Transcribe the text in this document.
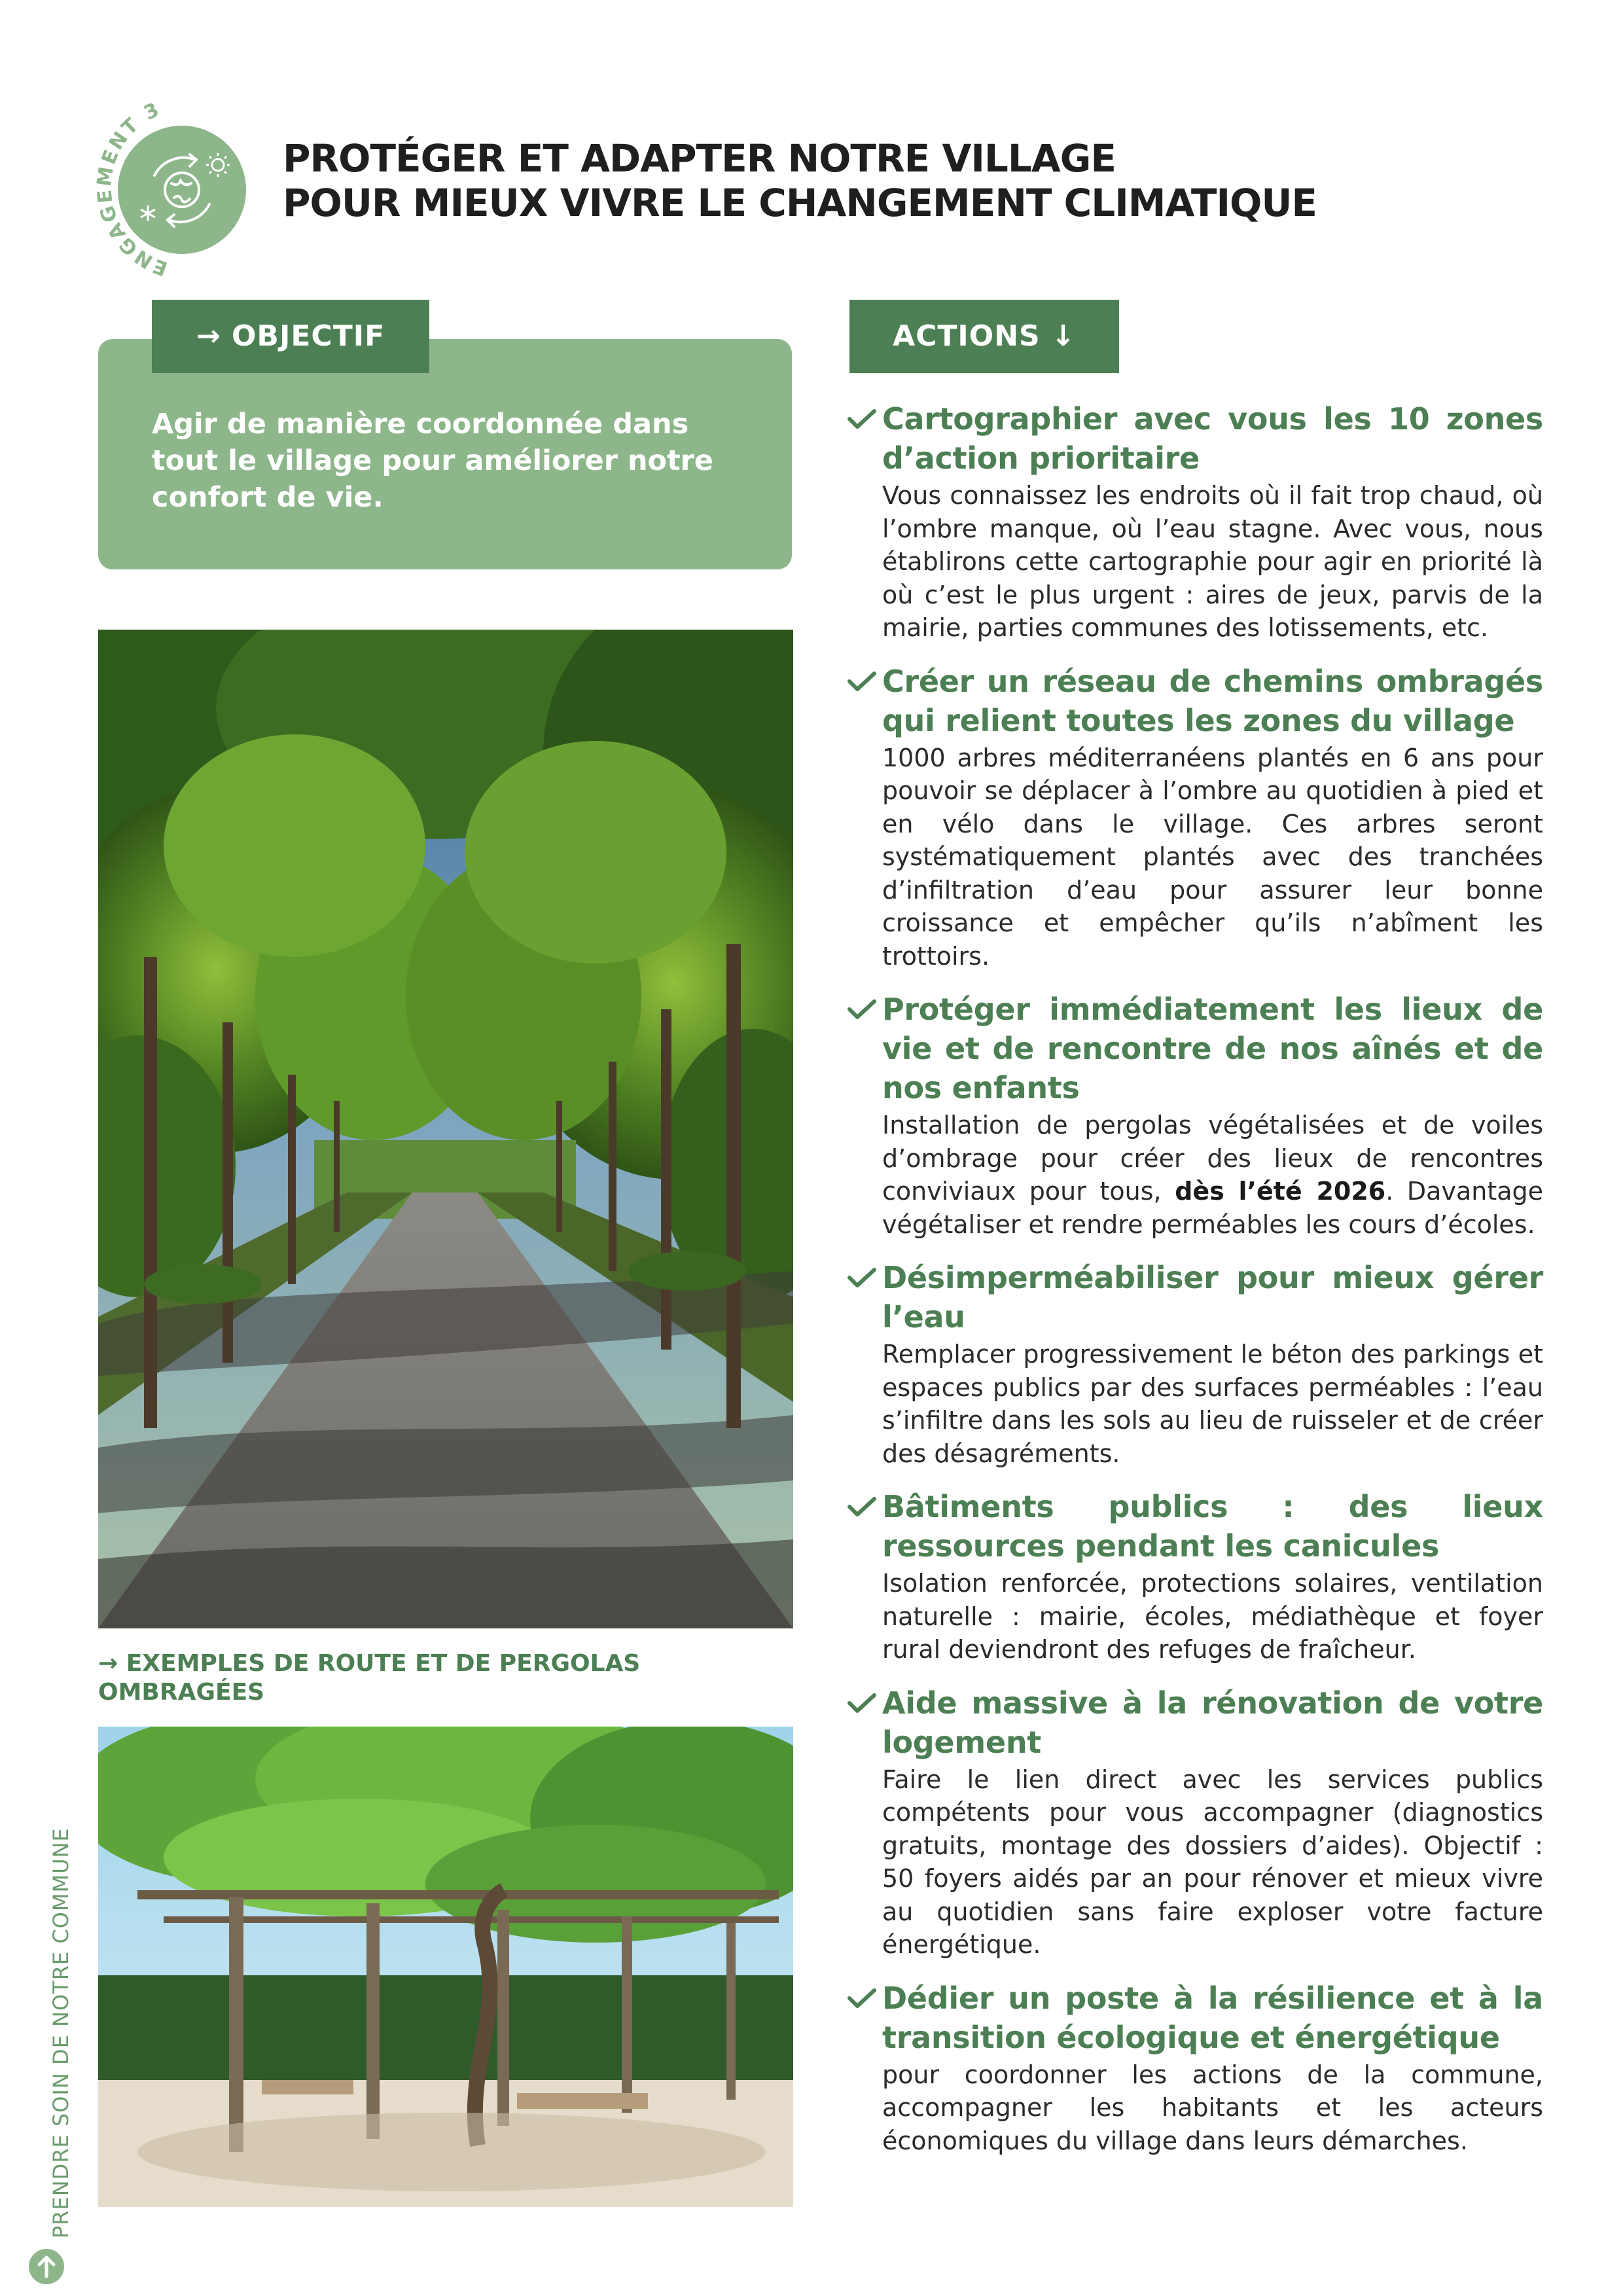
ENGAGEMENT 3
PROTÉGER ET ADAPTER NOTRE VILLAGE
POUR MIEUX VIVRE LE CHANGEMENT CLIMATIQUE
→ OBJECTIF
Agir de manière coordonnée dans tout le village pour améliorer notre confort de vie.
ACTIONS ↓
→ EXEMPLES DE ROUTE ET DE PERGOLAS OMBRAGÉES
Cartographier avec vous les 10 zones d’action prioritaire
Vous connaissez les endroits où il fait trop chaud, où l’ombre manque, où l’eau stagne. Avec vous, nous établirons cette cartographie pour agir en priorité là où c’est le plus urgent : aires de jeux, parvis de la mairie, parties communes des lotissements, etc.
Créer un réseau de chemins ombragés qui relient toutes les zones du village
1000 arbres méditerranéens plantés en 6 ans pour pouvoir se déplacer à l’ombre au quotidien à pied et en vélo dans le village. Ces arbres seront systématiquement plantés avec des tranchées d’infiltration d’eau pour assurer leur bonne croissance et empêcher qu’ils n’abîment les trottoirs.
Protéger immédiatement les lieux de vie et de rencontre de nos aînés et de nos enfants
Installation de pergolas végétalisées et de voiles d’ombrage pour créer des lieux de rencontres conviviaux pour tous, dès l’été 2026. Davantage végétaliser et rendre perméables les cours d’écoles.
Désimperméabiliser pour mieux gérer l’eau
Remplacer progressivement le béton des parkings et espaces publics par des surfaces perméables : l’eau s’infiltre dans les sols au lieu de ruisseler et de créer des désagréments.
Bâtiments publics : des lieux ressources pendant les canicules
Isolation renforcée, protections solaires, ventilation naturelle : mairie, écoles, médiathèque et foyer rural deviendront des refuges de fraîcheur.
Aide massive à la rénovation de votre logement
Faire le lien direct avec les services publics compétents pour vous accompagner (diagnostics gratuits, montage des dossiers d’aides). Objectif : 50 foyers aidés par an pour rénover et mieux vivre au quotidien sans faire exploser votre facture énergétique.
Dédier un poste à la résilience et à la transition écologique et énergétique
pour coordonner les actions de la commune, accompagner les habitants et les acteurs économiques du village dans leurs démarches.
PRENDRE SOIN DE NOTRE COMMUNE
